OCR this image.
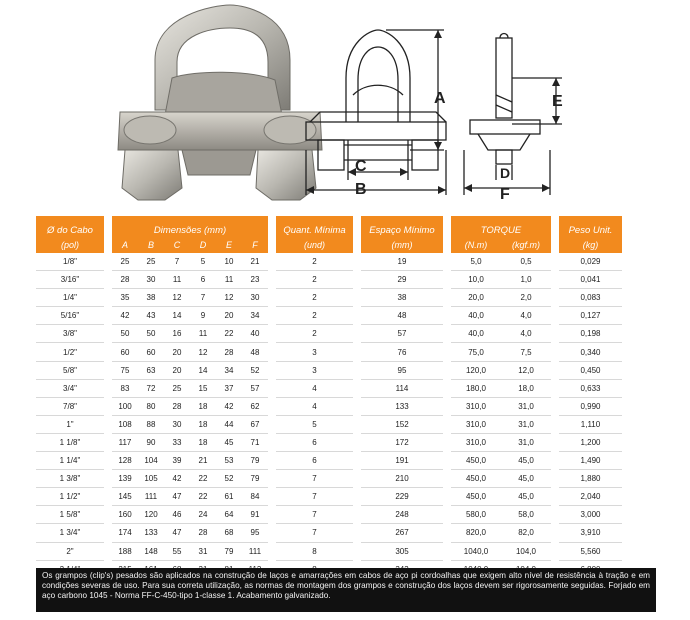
A
C
B
E
D
F
Ø do Cabo		Dimensões (mm)							Quant. Mínima		Espaço Mínimo		TORQUE			Peso Unit.
(pol)		A	B	C	D	E	F		(und)		(mm)		(N.m)	(kgf.m)		(kg)
1/8"		25	25	7	5	10	21		2		19		5,0	0,5		0,029
3/16"		28	30	11	6	11	23		2		29		10,0	1,0		0,041
1/4"		35	38	12	7	12	30		2		38		20,0	2,0		0,083
5/16"		42	43	14	9	20	34		2		48		40,0	4,0		0,127
3/8"		50	50	16	11	22	40		2		57		40,0	4,0		0,198
1/2"		60	60	20	12	28	48		3		76		75,0	7,5		0,340
5/8"		75	63	20	14	34	52		3		95		120,0	12,0		0,450
3/4"		83	72	25	15	37	57		4		114		180,0	18,0		0,633
7/8"		100	80	28	18	42	62		4		133		310,0	31,0		0,990
1"		108	88	30	18	44	67		5		152		310,0	31,0		1,110
1 1/8"		117	90	33	18	45	71		6		172		310,0	31,0		1,200
1 1/4"		128	104	39	21	53	79		6		191		450,0	45,0		1,490
1 3/8"		139	105	42	22	52	79		7		210		450,0	45,0		1,880
1 1/2"		145	111	47	22	61	84		7		229		450,0	45,0		2,040
1 5/8"		160	120	46	24	64	91		7		248		580,0	58,0		3,000
1 3/4"		174	133	47	28	68	95		7		267		820,0	82,0		3,910
2"		188	148	55	31	79	111		8		305		1040,0	104,0		5,560

Os grampos (clip's) pesados são aplicados na construção de laços e amarrações em cabos de aço pi cordoalhas que exigem alto nível de resistência à tração e em condições severas de uso. Para sua correta utilização, as normas de montagem dos grampos e construção dos laços devem ser rigorosamente seguidas. Forjado em aço carbono 1045 - Norma FF-C-450-tipo 1-classe 1. Acabamento galvanizado.
